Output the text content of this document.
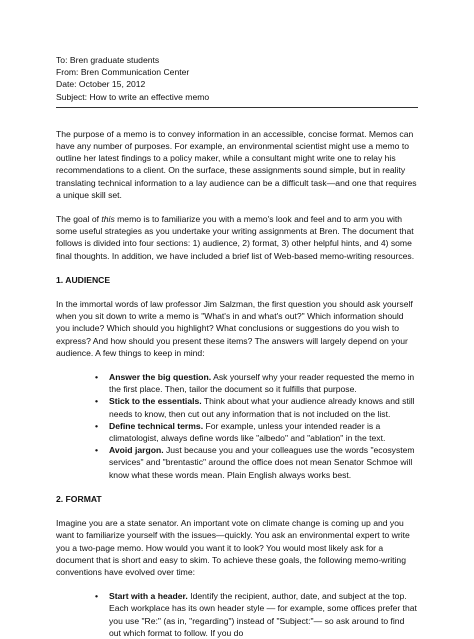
To: Bren graduate students
From: Bren Communication Center
Date: October 15, 2012
Subject: How to write an effective memo

The purpose of a memo is to convey information in an accessible, concise format. Memos can have any number of purposes. For example, an environmental scientist might use a memo to outline her latest findings to a policy maker, while a consultant might write one to relay his recommendations to a client. On the surface, these assignments sound simple, but in reality translating technical information to a lay audience can be a difficult task—and one that requires a unique skill set.

The goal of this memo is to familiarize you with a memo's look and feel and to arm you with some useful strategies as you undertake your writing assignments at Bren. The document that follows is divided into four sections: 1) audience, 2) format, 3) other helpful hints, and 4) some final thoughts. In addition, we have included a brief list of Web-based memo-writing resources.

1. AUDIENCE

In the immortal words of law professor Jim Salzman, the first question you should ask yourself when you sit down to write a memo is "What's in and what's out?" Which information should you include? Which should you highlight? What conclusions or suggestions do you wish to express? And how should you present these items? The answers will largely depend on your audience. A few things to keep in mind:

• Answer the big question. Ask yourself why your reader requested the memo in the first place. Then, tailor the document so it fulfills that purpose.
• Stick to the essentials. Think about what your audience already knows and still needs to know, then cut out any information that is not included on the list.
• Define technical terms. For example, unless your intended reader is a climatologist, always define words like "albedo" and "ablation" in the text.
• Avoid jargon. Just because you and your colleagues use the words "ecosystem services" and "brentastic" around the office does not mean Senator Schmoe will know what these words mean. Plain English always works best.
2. FORMAT

Imagine you are a state senator. An important vote on climate change is coming up and you want to familiarize yourself with the issues—quickly. You ask an environmental expert to write you a two-page memo. How would you want it to look? You would most likely ask for a document that is short and easy to skim. To achieve these goals, the following memo-writing conventions have evolved over time:

• Start with a header. Identify the recipient, author, date, and subject at the top. Each workplace has its own header style — for example, some offices prefer that you use "Re:" (as in, "regarding") instead of "Subject:"— so ask around to find out which format to follow. If you do
